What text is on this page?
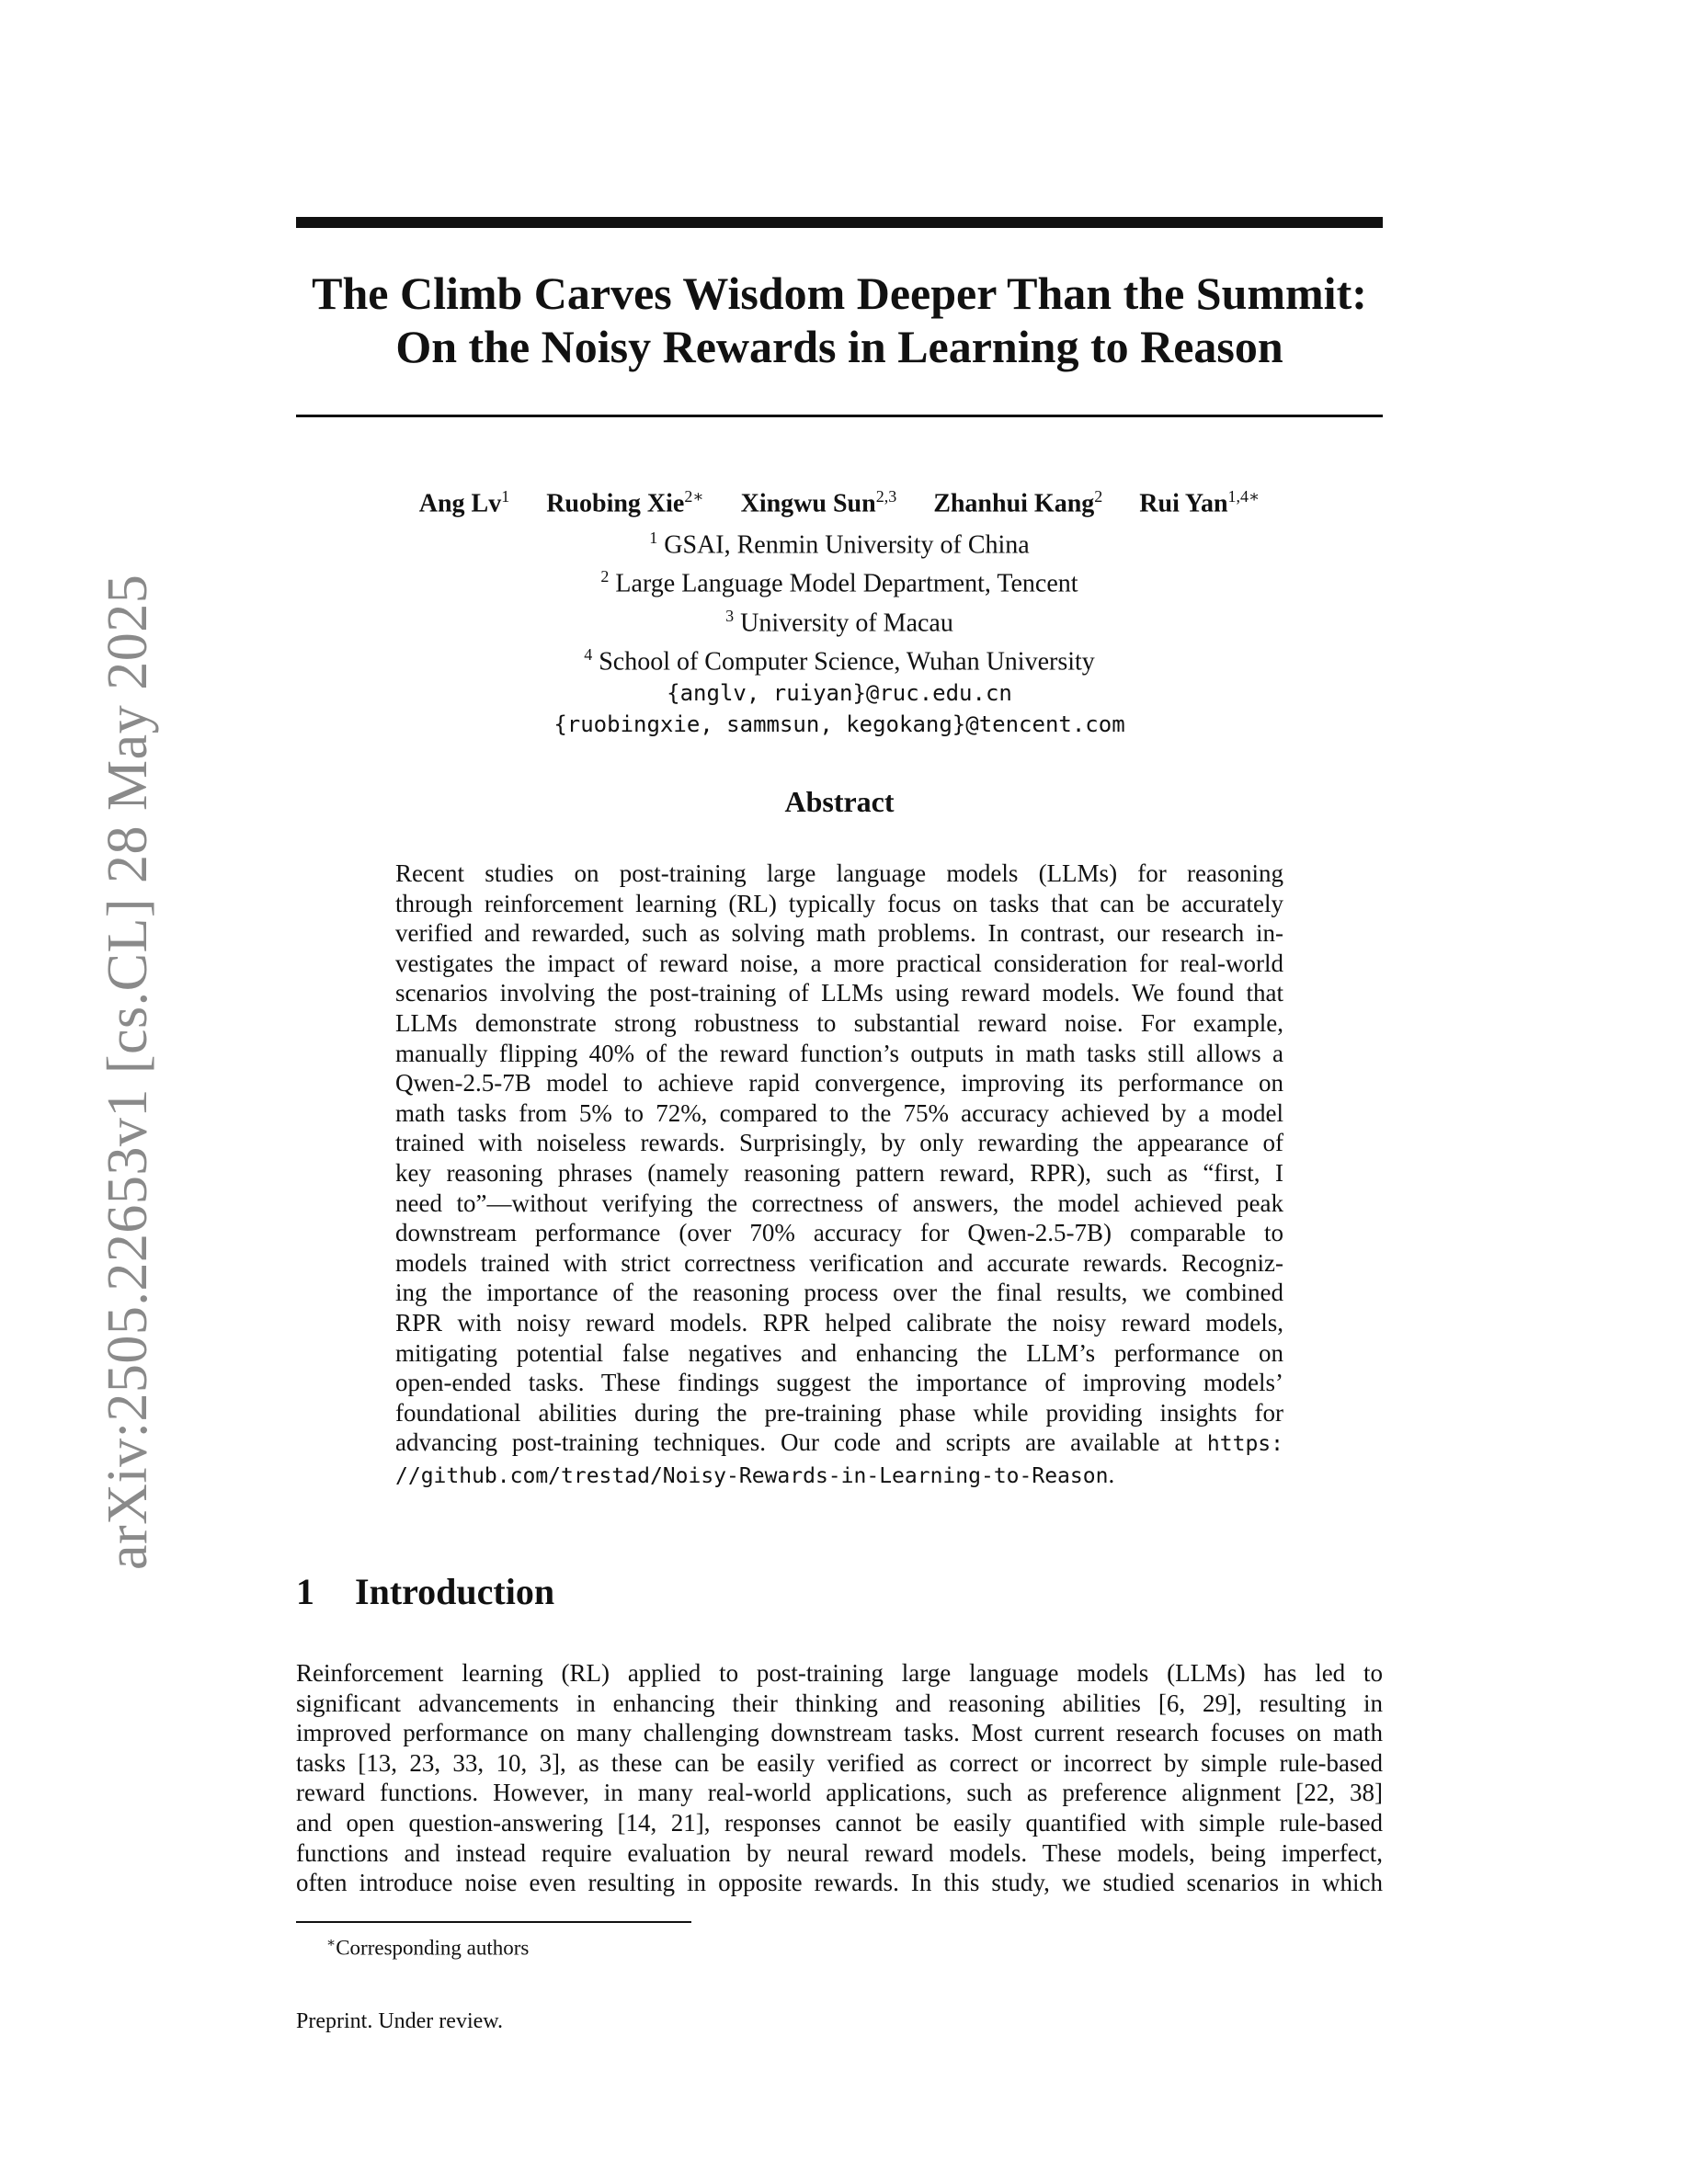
arXiv:2505.22653v1 [cs.CL] 28 May 2025
The Climb Carves Wisdom Deeper Than the Summit:
On the Noisy Rewards in Learning to Reason
Ang Lv$^1$ Ruobing Xie$^{2∗}$ Xingwu Sun$^{2,3}$ Zhanhui Kang$^2$ Rui Yan$^{1,4∗}$
$^1$ GSAI, Renmin University of China
$^2$ Large Language Model Department, Tencent
$^3$ University of Macau
$^4$ School of Computer Science, Wuhan University
{anglv, ruiyan}@ruc.edu.cn
{ruobingxie, sammsun, kegokang}@tencent.com
Abstract
Recent studies on post-training large language models (LLMs) for reasoning
through reinforcement learning (RL) typically focus on tasks that can be accurately
verified and rewarded, such as solving math problems. In contrast, our research in-
vestigates the impact of reward noise, a more practical consideration for real-world
scenarios involving the post-training of LLMs using reward models. We found that
LLMs demonstrate strong robustness to substantial reward noise. For example,
manually flipping 40% of the reward function’s outputs in math tasks still allows a
Qwen-2.5-7B model to achieve rapid convergence, improving its performance on
math tasks from 5% to 72%, compared to the 75% accuracy achieved by a model
trained with noiseless rewards. Surprisingly, by only rewarding the appearance of
key reasoning phrases (namely reasoning pattern reward, RPR), such as “first, I
need to”—without verifying the correctness of answers, the model achieved peak
downstream performance (over 70% accuracy for Qwen-2.5-7B) comparable to
models trained with strict correctness verification and accurate rewards. Recogniz-
ing the importance of the reasoning process over the final results, we combined
RPR with noisy reward models. RPR helped calibrate the noisy reward models,
mitigating potential false negatives and enhancing the LLM’s performance on
open-ended tasks. These findings suggest the importance of improving models’
foundational abilities during the pre-training phase while providing insights for
advancing post-training techniques. Our code and scripts are available at https:
//github.com/trestad/Noisy-Rewards-in-Learning-to-Reason.
1 Introduction
Reinforcement learning (RL) applied to post-training large language models (LLMs) has led to
significant advancements in enhancing their thinking and reasoning abilities [6, 29], resulting in
improved performance on many challenging downstream tasks. Most current research focuses on math
tasks [13, 23, 33, 10, 3], as these can be easily verified as correct or incorrect by simple rule-based
reward functions. However, in many real-world applications, such as preference alignment [22, 38]
and open question-answering [14, 21], responses cannot be easily quantified with simple rule-based
functions and instead require evaluation by neural reward models. These models, being imperfect,
often introduce noise even resulting in opposite rewards. In this study, we studied scenarios in which
∗Corresponding authors
Preprint. Under review.
